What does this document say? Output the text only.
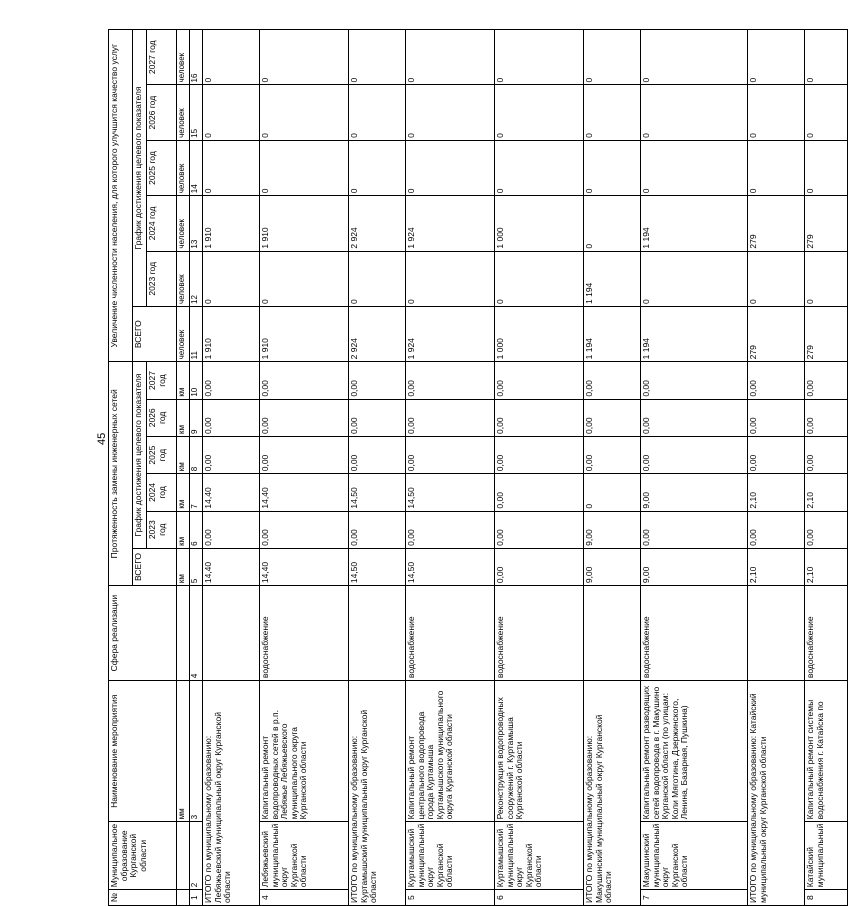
45
№	Муниципальное образование Курганской области	Наименование мероприятия	Сфера реализации	Протяженность замены инженерных сетей						Увеличение численности населения, для которого улучшится качество услуг					
				ВСЕГО	График достижения целевого показателя					ВСЕГО	График достижения целевого показателя				
					2023 год	2024 год	2025 год	2026 год	2027 год		2023 год	2024 год	2025 год	2026 год	2027 год
		мм		км	км	км	км	км	км	человек	человек	человек	человек	человек	человек
1	2	3	4	5	6	7	8	9	10	11	12	13	14	15	16
ИТОГО по муниципальному образованию: Лебяжьевский муниципальный округ Курганской области				14,40	0,00	14,40	0,00	0,00	0,00	1 910	0	1 910	0	0	0
4	Лебяжьевский муниципальный округ Курганской области	Капитальный ремонт водопроводных сетей в р.п. Лебяжье Лебяжьевского муниципального округа Курганской области	водоснабжение	14,40	0,00	14,40	0,00	0,00	0,00	1 910	0	1 910	0	0	0
ИТОГО по муниципальному образованию: Куртамышский муниципальный округ Курганской области				14,50	0,00	14,50	0,00	0,00	0,00	2 924	0	2 924	0	0	0
5	Куртамышский муниципальный округ Курганской области	Капитальный ремонт центрального водопровода города Куртамыша Куртамышского муниципального округа Курганской области	водоснабжение	14,50	0,00	14,50	0,00	0,00	0,00	1 924	0	1 924	0	0	0
6	Куртамышский муниципальный округ Курганской области	Реконструкция водопроводных сооружений г. Куртамыша Курганской области	водоснабжение	0,00	0,00	0,00	0,00	0,00	0,00	1 000	0	1 000	0	0	0
ИТОГО по муниципальному образованию: Макушинский муниципальный округ Курганской области				9,00	9,00	0	0,00	0,00	0,00	1 194	1 194	0	0	0	0
7	Макушинский муниципальный округ Курганской области	Капитальный ремонт разводящих сетей водопровода в г. Макушино Курганской области (по улицам: Коли Мяготина, Дзержинского, Ленина, Базарная, Пушкина)	водоснабжение	9,00	0,00	9,00	0,00	0,00	0,00	1 194	0	1 194	0	0	0
ИТОГО по муниципальному образованию: Катайский муниципальный округ Курганской области				2,10	0,00	2,10	0,00	0,00	0,00	279	0	279	0	0	0
8	Катайский муниципальный	Капитальный ремонт системы водоснабжения г. Катайска по	водоснабжение	2,10	0,00	2,10	0,00	0,00	0,00	279	0	279	0	0	0
